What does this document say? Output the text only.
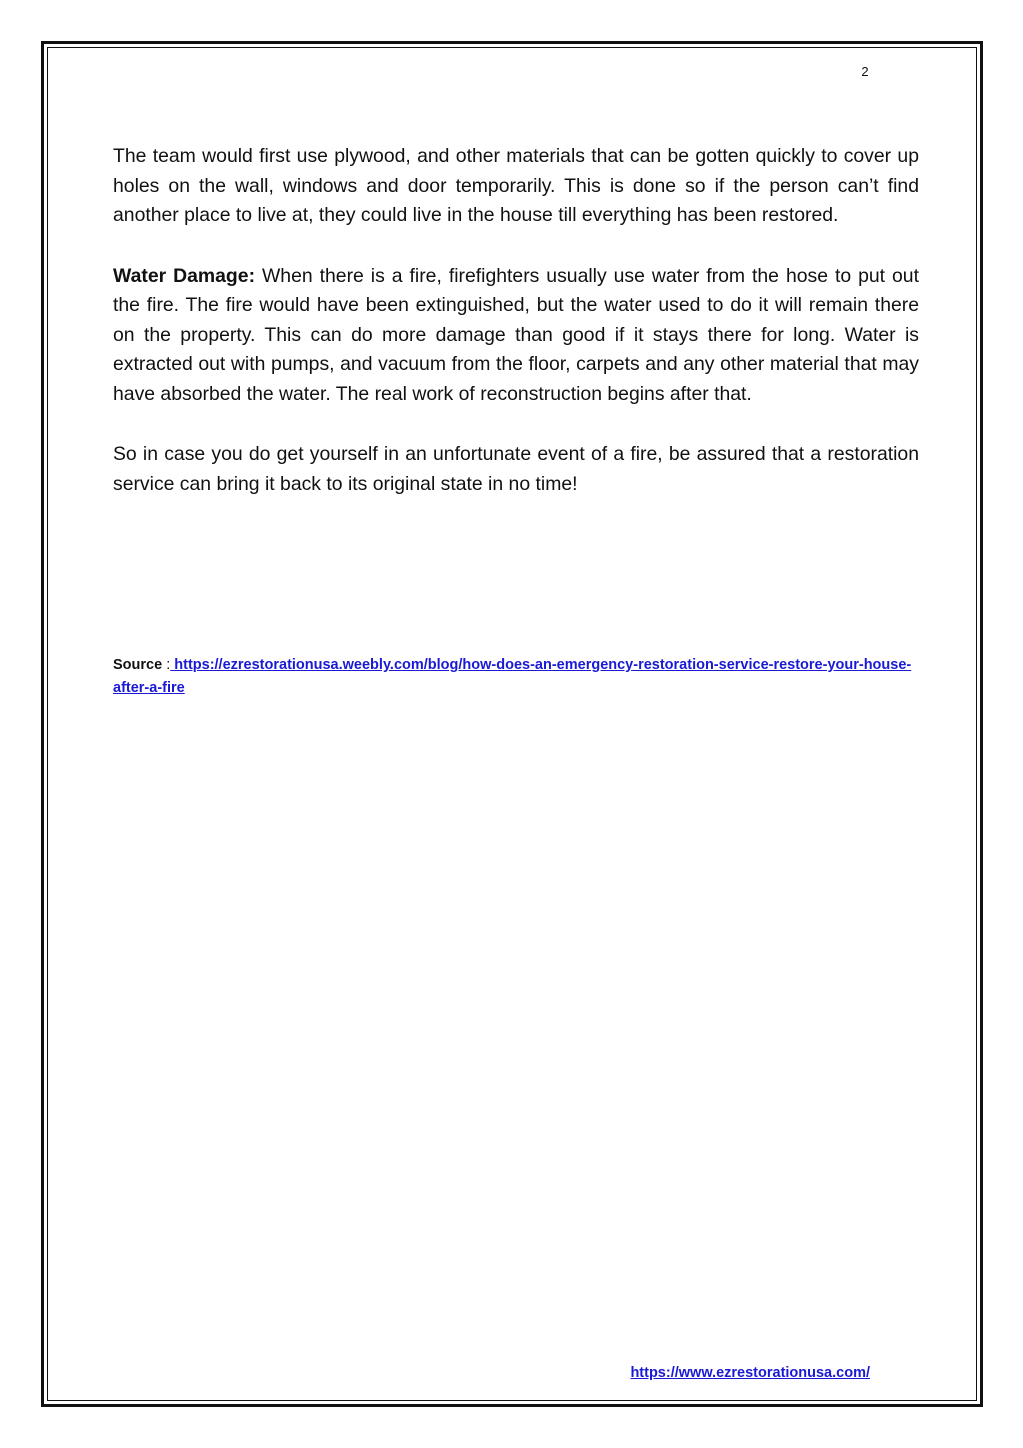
2

The team would first use plywood, and other materials that can be gotten quickly to cover up holes on the wall, windows and door temporarily. This is done so if the person can’t find another place to live at, they could live in the house till everything has been restored.

Water Damage: When there is a fire, firefighters usually use water from the hose to put out the fire. The fire would have been extinguished, but the water used to do it will remain there on the property. This can do more damage than good if it stays there for long. Water is extracted out with pumps, and vacuum from the floor, carpets and any other material that may have absorbed the water. The real work of reconstruction begins after that.

So in case you do get yourself in an unfortunate event of a fire, be assured that a restoration service can bring it back to its original state in no time!

Source : https://ezrestorationusa.weebly.com/blog/how-does-an-emergency-restoration-service-restore-your-house-after-a-fire
https://www.ezrestorationusa.com/
